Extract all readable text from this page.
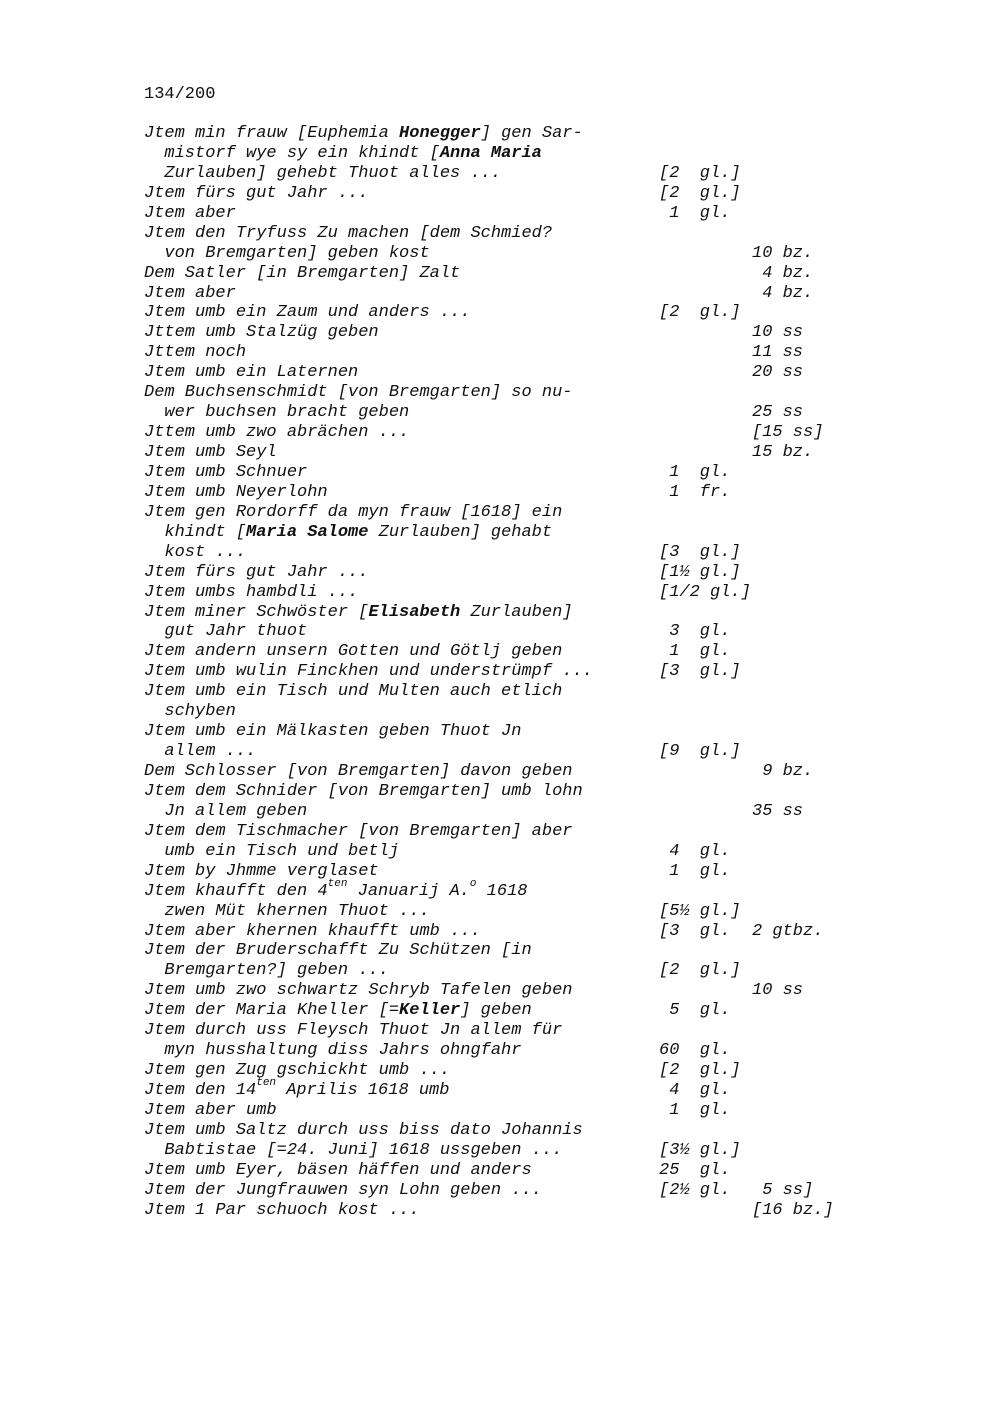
134/200
Jtem min frauw [Euphemia Honegger] gen Sar-
mistorf wye sy ein khindt [Anna Maria
Zurlauben] gehebt Thuot alles ...	[2  gl.]
Jtem fürs gut Jahr ...	[2  gl.]
Jtem aber	1  gl.
Jtem den Tryfuss Zu machen [dem Schmied?
von Bremgarten] geben kost	10 bz.
Dem Satler [in Bremgarten] Zalt	4 bz.
Jtem aber	4 bz.
Jtem umb ein Zaum und anders ...	[2  gl.]
Jttem umb Stalzüg geben	10 ss
Jttem noch	11 ss
Jtem umb ein Laternen	20 ss
Dem Buchsenschmidt [von Bremgarten] so nu-
wer buchsen bracht geben	25 ss
Jttem umb zwo abrächen ...	[15 ss]
Jtem umb Seyl	15 bz.
Jtem umb Schnuer	1  gl.
Jtem umb Neyerlohn	1  fr.
Jtem gen Rordorff da myn frauw [1618] ein
khindt [Maria Salome Zurlauben] gehabt
kost ...	[3  gl.]
Jtem fürs gut Jahr ...	[1½ gl.]
Jtem umbs hambdli ...	[1/2 gl.]
Jtem miner Schwöster [Elisabeth Zurlauben]
gut Jahr thuot	3  gl.
Jtem andern unsern Gotten und Götlj geben	1  gl.
Jtem umb wulin Finckhen und understrümpf ...	[3  gl.]
Jtem umb ein Tisch und Multen auch etlich
schyben
Jtem umb ein Mälkasten geben Thuot Jn
allem ...	[9  gl.]
Dem Schlosser [von Bremgarten] davon geben	9 bz.
Jtem dem Schnider [von Bremgarten] umb lohn
Jn allem geben	35 ss
Jtem dem Tischmacher [von Bremgarten] aber
umb ein Tisch und betlj	4  gl.
Jtem by Jhmme verglaset	1  gl.
Jtem khaufft den $4^{ten}$ Januarij A.$^o$ 1618
zwen Müt khernen Thuot ...	[5½ gl.]
Jtem aber khernen khaufft umb ...	[3  gl. 2 gtbz.
Jtem der Bruderschafft Zu Schützen [in
Bremgarten?] geben ...	[2  gl.]
Jtem umb zwo schwartz Schryb Tafelen geben	10 ss
Jtem der Maria Kheller [=Keller] geben	5  gl.
Jtem durch uss Fleysch Thuot Jn allem für
myn husshaltung diss Jahrs ohngfahr	60  gl.
Jtem gen Zug gschickht umb ...	[2  gl.]
Jtem den $14^{ten}$ Aprilis 1618 umb	4  gl.
Jtem aber umb	1  gl.
Jtem umb Saltz durch uss biss dato Johannis
Babtistae [=24. Juni] 1618 ussgeben ...	[3½ gl.]
Jtem umb Eyer, bäsen häffen und anders	25  gl.
Jtem der Jungfrauwen syn Lohn geben ...	[2½ gl. 5 ss]
Jtem 1 Par schuoch kost ...	[16 bz.]
